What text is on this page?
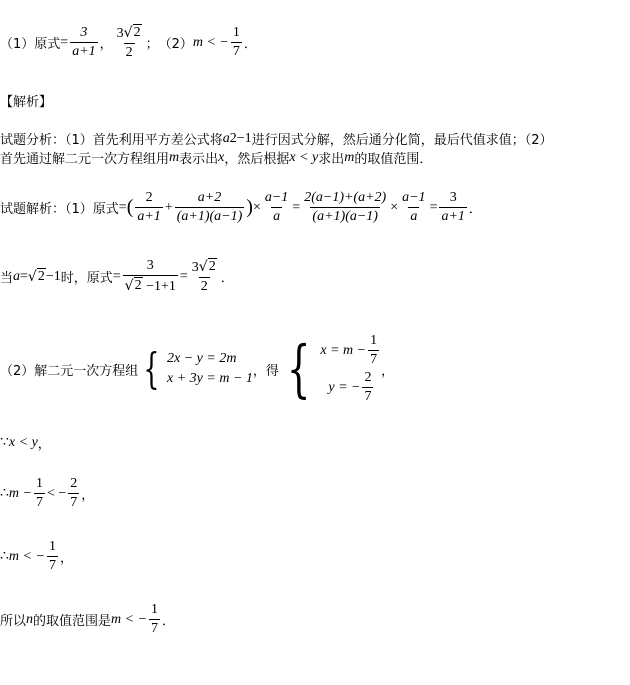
（1）原式 = $\frac{3}{a+1}$ ， $\frac{3 √ 2}{2}$ ； （2） m < − $\frac{1}{7}$ ．
【解析】
试题分析：（1）首先利用平方差公式将 a 2 −1 进行因式分解，然后通分化简，最后代值求值；（2）
首先通过解二元一次方程组用 m 表示出 x ，然后根据 x < y 求出 m 的取值范围．
试题解析：（1）原式 = ( $\frac{2}{a+1} + \frac{a+2}{(a+1)(a-1)}$ ) × $\frac{a-1}{a} = \frac{2(a-1)+(a+2)}{(a+1)(a-1)} \times \frac{a-1}{a} = \frac{3}{a+1}$ ．
当 a = √ 2 −1 时，原式 = $\frac{3}{√ 2 -1+1} = \frac{3 √ 2}{2}$ ．
（2）解二元一次方程组 { 2x − y = 2m
x + 3y = m − 1 ，得 { $x = m - \frac{1}{7}$
y = − $\frac{2}{7}$ ，
∵ x < y ，
∴ $m - \frac{1}{7}$ < − $\frac{2}{7}$ ，
∴ m < − $\frac{1}{7}$ ，
所以 n 的取值范围是 m < − $\frac{1}{7}$ ．
